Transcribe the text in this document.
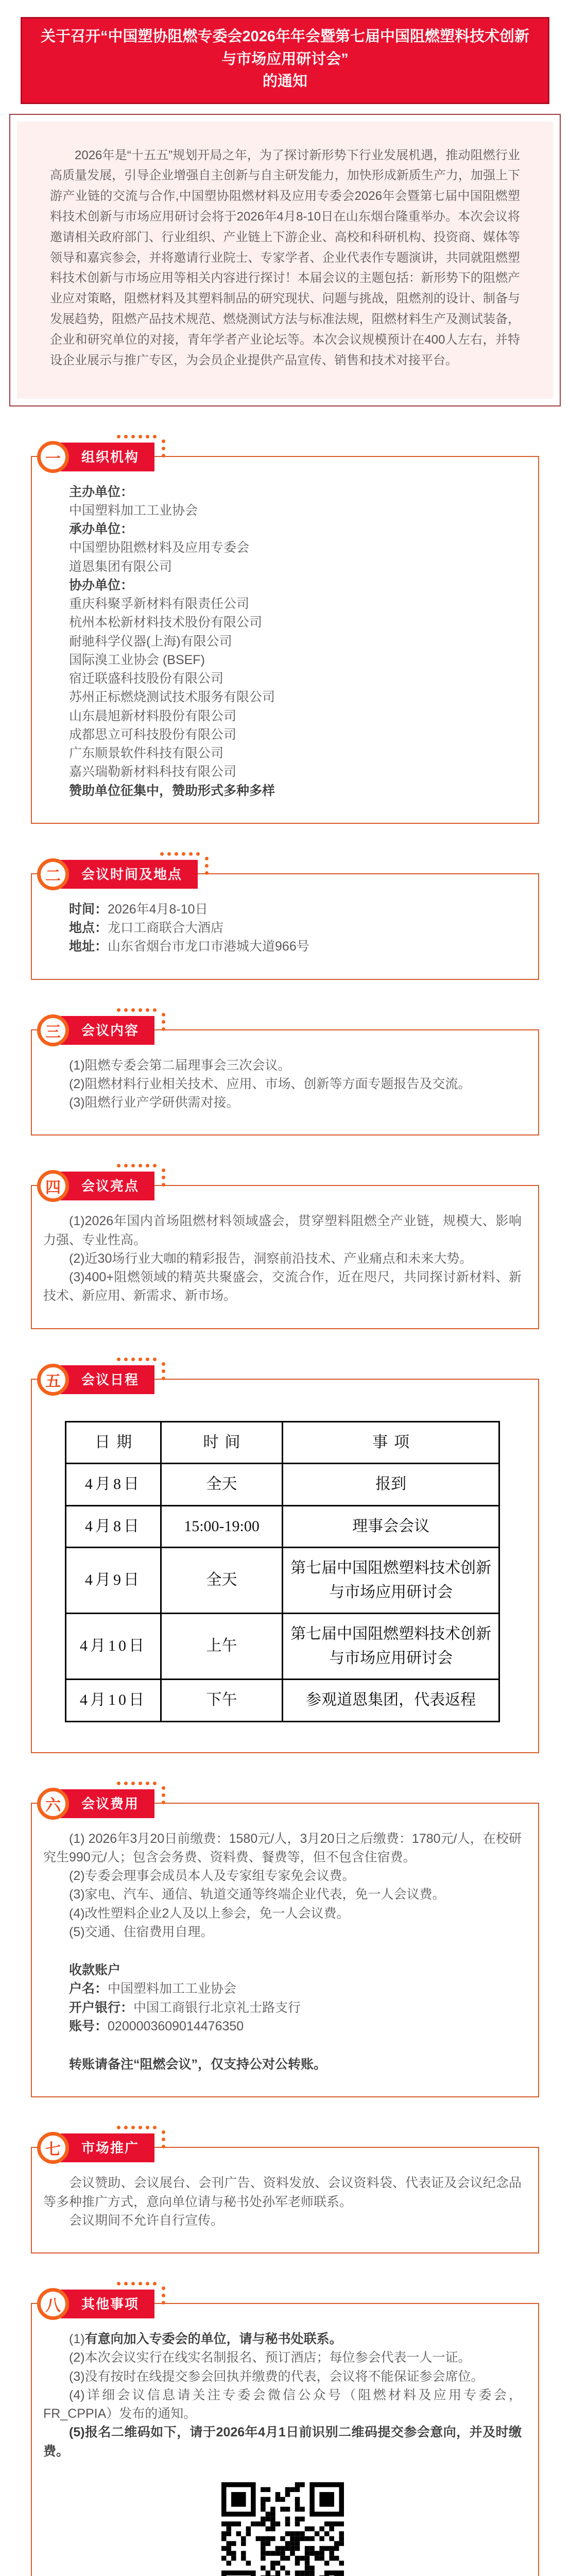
关于召开“中国塑协阻燃专委会2026年年会暨第七届中国阻燃塑料技术创新与市场应用研讨会”

的通知

2026年是“十五五”规划开局之年，为了探讨新形势下行业发展机遇，推动阻燃行业高质量发展，引导企业增强自主创新与自主研发能力，加快形成新质生产力，加强上下游产业链的交流与合作,中国塑协阻燃材料及应用专委会2026年会暨第七届中国阻燃塑料技术创新与市场应用研讨会将于2026年4月8-10日在山东烟台隆重举办。本次会议将邀请相关政府部门、行业组织、产业链上下游企业、高校和科研机构、投资商、媒体等领导和嘉宾参会，并将邀请行业院士、专家学者、企业代表作专题演讲，共同就阻燃塑料技术创新与市场应用等相关内容进行探讨！本届会议的主题包括：新形势下的阻燃产业应对策略，阻燃材料及其塑料制品的研究现状、问题与挑战，阻燃剂的设计、制备与发展趋势，阻燃产品技术规范、燃烧测试方法与标准法规，阻燃材料生产及测试装备，企业和研究单位的对接，青年学者产业论坛等。本次会议规模预计在400人左右，并特设企业展示与推广专区，为会员企业提供产品宣传、销售和技术对接平台。

一	组织机构

主办单位：

中国塑料加工工业协会

承办单位：

中国塑协阻燃材料及应用专委会

道恩集团有限公司

协办单位：

重庆科聚孚新材料有限责任公司

杭州本松新材料技术股份有限公司

耐驰科学仪器(上海)有限公司

国际溴工业协会 (BSEF)

宿迁联盛科技股份有限公司

苏州正标燃烧测试技术服务有限公司

山东晨旭新材料股份有限公司

成都思立可科技股份有限公司

广东顺景软件科技有限公司

嘉兴瑞勒新材料科技有限公司

赞助单位征集中，赞助形式多种多样

二	会议时间及地点

时间：2026年4月8-10日

地点：龙口工商联合大酒店

地址：山东省烟台市龙口市港城大道966号

三	会议内容

(1)阻燃专委会第二届理事会三次会议。

(2)阻燃材料行业相关技术、应用、市场、创新等方面专题报告及交流。

(3)阻燃行业产学研供需对接。

四	会议亮点

(1)2026年国内首场阻燃材料领域盛会，贯穿塑料阻燃全产业链，规模大、影响力强、专业性高。

(2)近30场行业大咖的精彩报告，洞察前沿技术、产业痛点和未来大势。

(3)400+阻燃领域的精英共聚盛会，交流合作，近在咫尺，共同探讨新材料、新技术、新应用、新需求、新市场。

五	会议日程
日期	时间	事项
4月8日	全天	报到
4月8日	15:00-19:00	理事会会议
4月9日	全天	第七届中国阻燃塑料技术创新与市场应用研讨会
4月10日	上午	第七届中国阻燃塑料技术创新与市场应用研讨会
4月10日	下午	参观道恩集团，代表返程
六	会议费用

(1) 2026年3月20日前缴费：1580元/人，3月20日之后缴费：1780元/人，在校研究生990元/人；包含会务费、资料费、餐费等，但不包含住宿费。

(2)专委会理事会成员本人及专家组专家免会议费。

(3)家电、汽车、通信、轨道交通等终端企业代表，免一人会议费。

(4)改性塑料企业2人及以上参会，免一人会议费。

(5)交通、住宿费用自理。

收款账户

户名：中国塑料加工工业协会

开户银行：中国工商银行北京礼士路支行

账号：0200003609014476350

转账请备注“阻燃会议”，仅支持公对公转账。

七	市场推广

会议赞助、会议展台、会刊广告、资料发放、会议资料袋、代表证及会议纪念品等多种推广方式，意向单位请与秘书处孙军老师联系。

会议期间不允许自行宣传。

八	其他事项

(1)有意向加入专委会的单位，请与秘书处联系。

(2)本次会议实行在线实名制报名、预订酒店；每位参会代表一人一证。

(3)没有按时在线提交参会回执并缴费的代表，会议将不能保证参会席位。

(4)详细会议信息请关注专委会微信公众号（阻燃材料及应用专委会，FR_CPPIA）发布的通知。

(5)报名二维码如下，请于2026年4月1日前识别二维码提交参会意向，并及时缴费。
